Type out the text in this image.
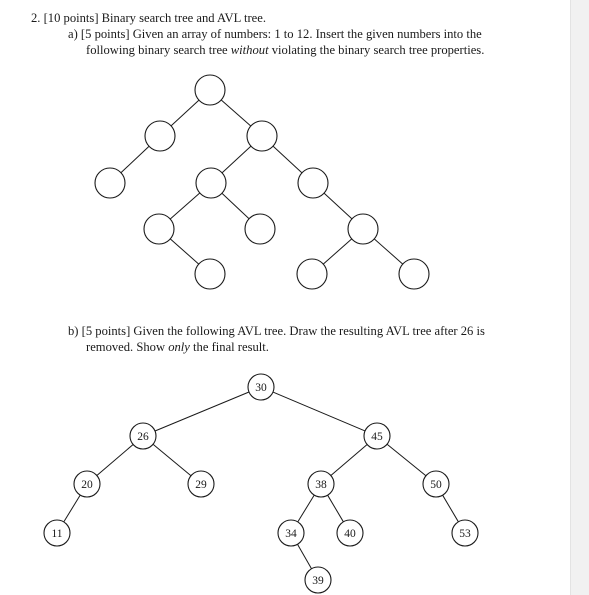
2. [10 points] Binary search tree and AVL tree.
a) [5 points] Given an array of numbers: 1 to 12. Insert the given numbers into the
following binary search tree without violating the binary search tree properties.
b) [5 points] Given the following AVL tree. Draw the resulting AVL tree after 26 is
removed. Show only the final result.
30
26	45
20	29	38	50
11	34	40	53
39
